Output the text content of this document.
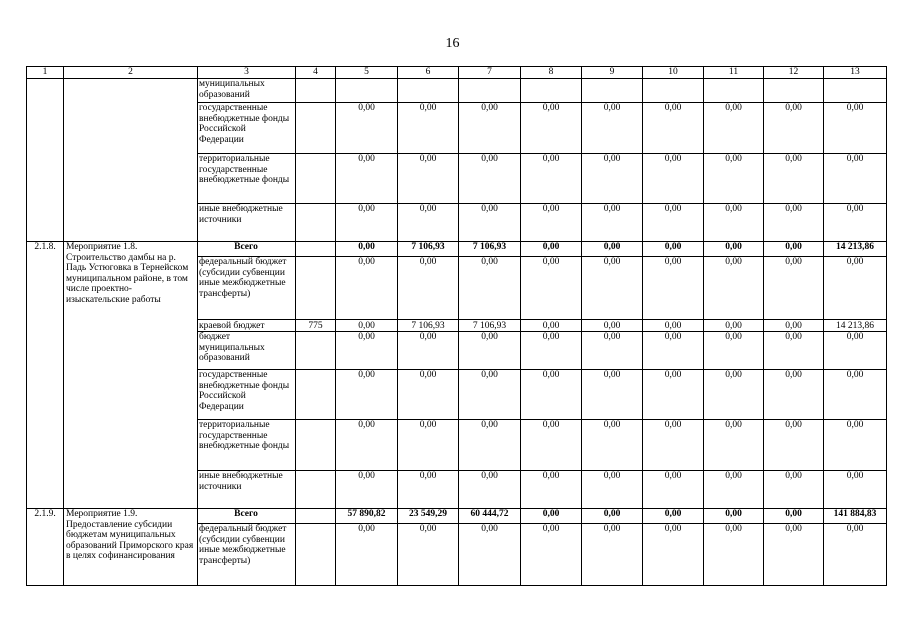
16
1	2	3	4	5	6	7	8	9	10	11	12	13
		муниципальных образований										
		государственные внебюджетные фонды Российской Федерации		0,00	0,00	0,00	0,00	0,00	0,00	0,00	0,00	0,00
		территориальные государственные внебюджетные фонды		0,00	0,00	0,00	0,00	0,00	0,00	0,00	0,00	0,00
		иные внебюджетные источники		0,00	0,00	0,00	0,00	0,00	0,00	0,00	0,00	0,00
2.1.8.	Мероприятие 1.8. Строительство дамбы на р. Падь Устюговка в Тернейском муниципальном районе, в том числе проектно-изыскательские работы	Всего		0,00	7 106,93	7 106,93	0,00	0,00	0,00	0,00	0,00	14 213,86
		федеральный бюджет (субсидии субвенции иные межбюджетные трансферты)		0,00	0,00	0,00	0,00	0,00	0,00	0,00	0,00	0,00
		краевой бюджет	775	0,00	7 106,93	7 106,93	0,00	0,00	0,00	0,00	0,00	14 213,86
		бюджет муниципальных образований		0,00	0,00	0,00	0,00	0,00	0,00	0,00	0,00	0,00
		государственные внебюджетные фонды Российской Федерации		0,00	0,00	0,00	0,00	0,00	0,00	0,00	0,00	0,00
		территориальные государственные внебюджетные фонды		0,00	0,00	0,00	0,00	0,00	0,00	0,00	0,00	0,00
		иные внебюджетные источники		0,00	0,00	0,00	0,00	0,00	0,00	0,00	0,00	0,00
2.1.9.	Мероприятие 1.9. Предоставление субсидии бюджетам муниципальных образований Приморского края в целях софинансирования	Всего		57 890,82	23 549,29	60 444,72	0,00	0,00	0,00	0,00	0,00	141 884,83
		федеральный бюджет (субсидии субвенции иные межбюджетные трансферты)		0,00	0,00	0,00	0,00	0,00	0,00	0,00	0,00	0,00
